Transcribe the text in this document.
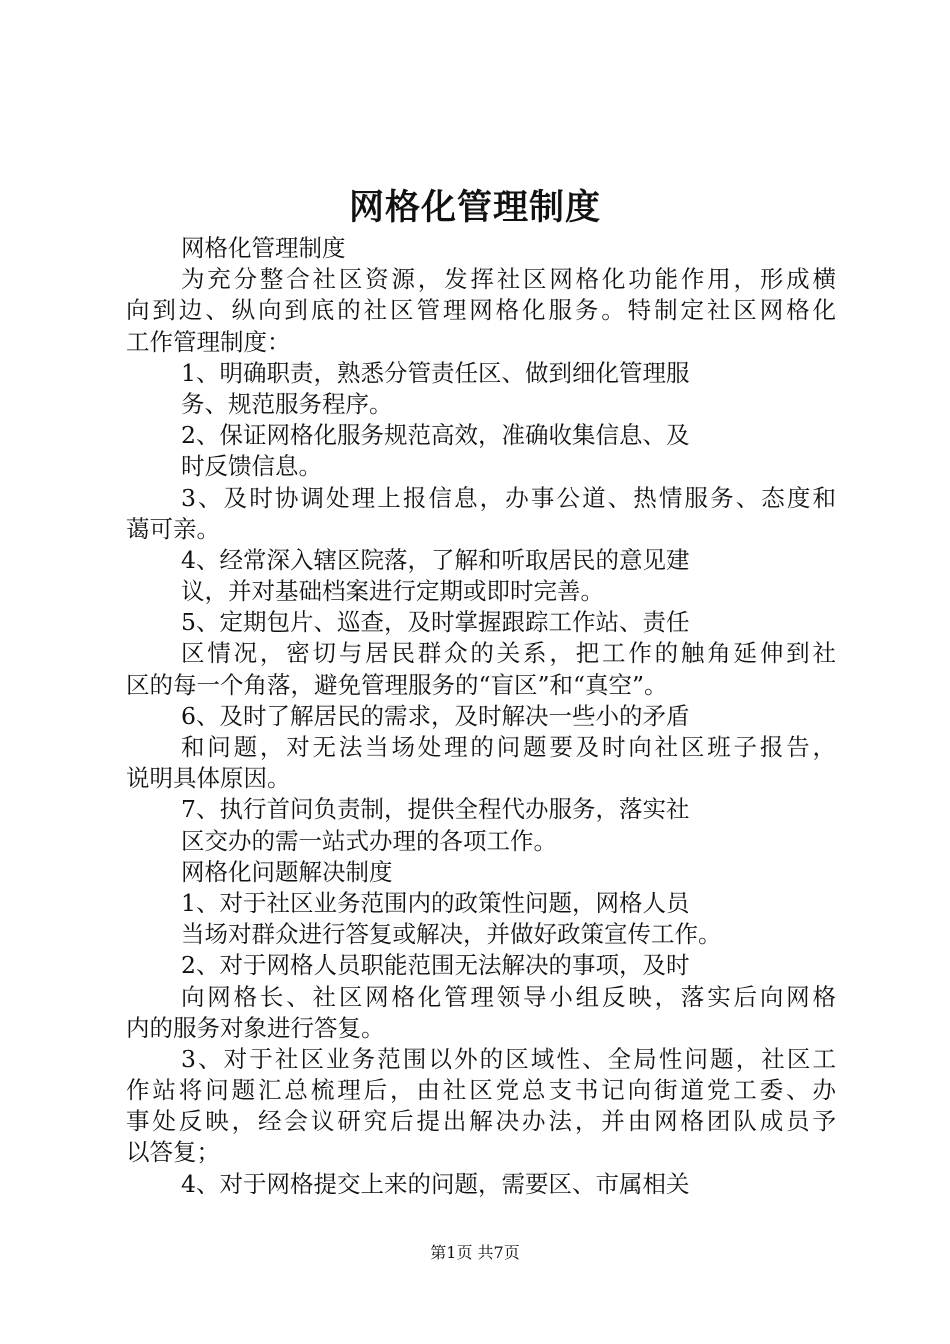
网格化管理制度
网格化管理制度
为充分整合社区资源，发挥社区网格化功能作用，形成横
向到边、纵向到底的社区管理网格化服务。特制定社区网格化
工作管理制度：
1、明确职责，熟悉分管责任区、做到细化管理服
务、规范服务程序。
2、保证网格化服务规范高效，准确收集信息、及
时反馈信息。
3、及时协调处理上报信息，办事公道、热情服务、态度和
蔼可亲。
4、经常深入辖区院落，了解和听取居民的意见建
议，并对基础档案进行定期或即时完善。
5、定期包片、巡查，及时掌握跟踪工作站、责任
区情况，密切与居民群众的关系，把工作的触角延伸到社
区的每一个角落，避免管理服务的“盲区”和“真空”。
6、及时了解居民的需求，及时解决一些小的矛盾
和问题，对无法当场处理的问题要及时向社区班子报告，
说明具体原因。
7、执行首问负责制，提供全程代办服务，落实社
区交办的需一站式办理的各项工作。
网格化问题解决制度
1、对于社区业务范围内的政策性问题，网格人员
当场对群众进行答复或解决，并做好政策宣传工作。
2、对于网格人员职能范围无法解决的事项，及时
向网格长、社区网格化管理领导小组反映，落实后向网格
内的服务对象进行答复。
3、对于社区业务范围以外的区域性、全局性问题，社区工
作站将问题汇总梳理后，由社区党总支书记向街道党工委、办
事处反映，经会议研究后提出解决办法，并由网格团队成员予
以答复；
4、对于网格提交上来的问题，需要区、市属相关
第1页 共7页
